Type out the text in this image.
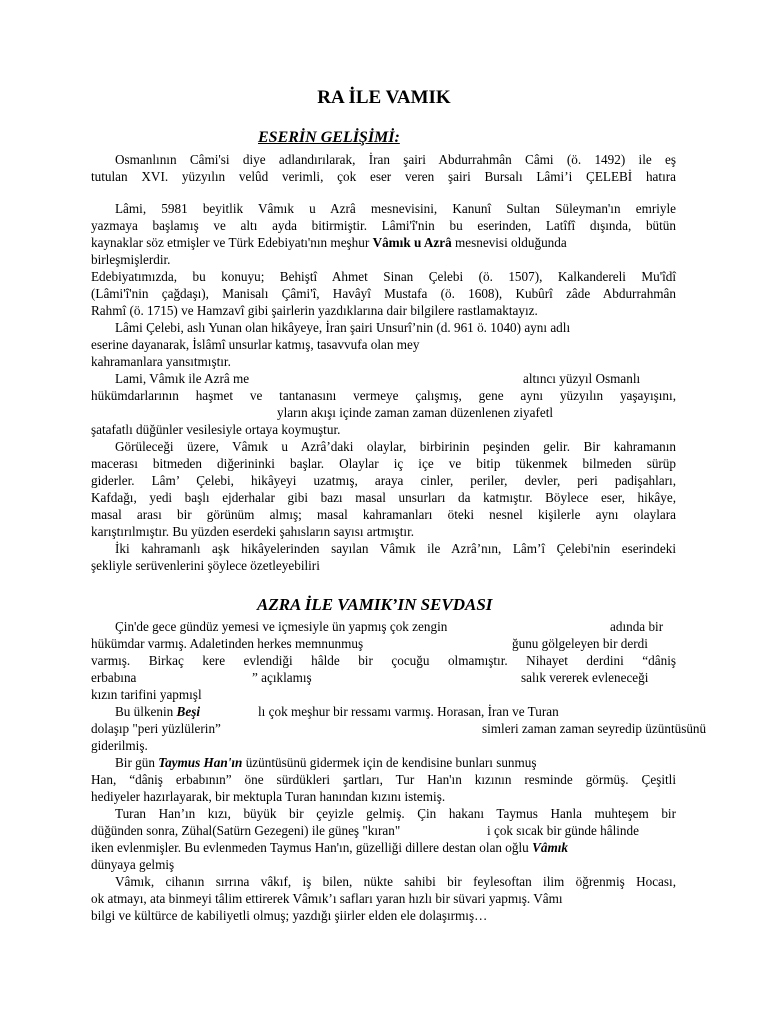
RA İLE VAMIK
ESERİN GELİŞİMİ:

Osmanlının Câmi'si diye adlandırılarak, İran şairi Abdurrahmân Câmi (ö. 1492) ile eş

tutulan XVI. yüzyılın velûd verimli, çok eser veren şairi Bursalı Lâmi’i ÇELEBİ hatıra

Lâmi, 5981 beyitlik Vâmık u Azrâ mesnevisini, Kanunî Sultan Süleyman'ın emriyle

yazmaya başlamış ve altı ayda bitirmiştir. Lâmi'î'nin bu eserinden, Latîfî dışında, bütün

kaynaklar söz etmişler ve Türk Edebiyatı'nın meşhur Vâmık u Azrâ mesnevisi olduğunda

birleşmişlerdir.

Edebiyatımızda, bu konuyu; Behiştî Ahmet Sinan Çelebi (ö. 1507), Kalkandereli Mu'îdî

(Lâmi'î'nin çağdaşı), Manisalı Çâmi'î, Havâyî Mustafa (ö. 1608), Kubûrî zâde Abdurrahmân

Rahmî (ö. 1715) ve Hamzavî gibi şairlerin yazdıklarına dair bilgilere rastlamaktayız.

Lâmi Çelebi, aslı Yunan olan hikâyeye, İran şairi Unsurî’nin (d. 961 ö. 1040) aynı adlı

eserine dayanarak, İslâmî unsurlar katmış, tasavvufa olan mey

kahramanlara yansıtmıştır.

Lami, Vâmık ile Azrâ me	altıncı yüzyıl Osmanlı

hükümdarlarının haşmet ve tantanasını vermeye çalışmış, gene aynı yüzyılın yaşayışını,

yların akışı içinde zaman zaman düzenlenen ziyafetl

şatafatlı düğünler vesilesiyle ortaya koymuştur.

Görüleceği üzere, Vâmık u Azrâ’daki olaylar, birbirinin peşinden gelir. Bir kahramanın

macerası bitmeden diğerininki başlar. Olaylar iç içe ve bitip tükenmek bilmeden sürüp

giderler. Lâm’ Çelebi, hikâyeyi uzatmış, araya cinler, periler, devler, peri padişahları,

Kafdağı, yedi başlı ejderhalar gibi bazı masal unsurları da katmıştır. Böylece eser, hikâye,

masal arası bir görünüm almış; masal kahramanları öteki nesnel kişilerle aynı olaylara

karıştırılmıştır. Bu yüzden eserdeki şahısların sayısı artmıştır.

İki kahramanlı aşk hikâyelerinden sayılan Vâmık ile Azrâ’nın, Lâm’î Çelebi'nin eserindeki

şekliyle serüvenlerini şöylece özetleyebiliri

AZRA İLE VAMIK’IN SEVDASI

Çin'de gece gündüz yemesi ve içmesiyle ün yapmış çok zengin	adında bir

hükümdar varmış. Adaletinden herkes memnunmuş	ğunu gölgeleyen bir derdi

varmış. Birkaç kere evlendiği hâlde bir çocuğu olmamıştır. Nihayet derdini “dâniş

erbabına	” açıklamış	salık vererek evleneceği

kızın tarifini yapmışl

Bu ülkenin Beşi	lı çok meşhur bir ressamı varmış. Horasan, İran ve Turan

dolaşıp "peri yüzlülerin”	simleri zaman zaman seyredip üzüntüsünü

giderilmiş.

Bir gün Taymus Han'ın üzüntüsünü gidermek için de kendisine bunları sunmuş

Han, “dâniş erbabının” öne sürdükleri şartları, Tur Han'ın kızının resminde görmüş. Çeşitli

hediyeler hazırlayarak, bir mektupla Turan hanından kızını istemiş.

Turan Han’ın kızı, büyük bir çeyizle gelmiş. Çin hakanı Taymus Hanla muhteşem bir

düğünden sonra, Zühal(Satürn Gezegeni) ile güneş "kıran"	i çok sıcak bir günde hâlinde

iken evlenmişler. Bu evlenmeden Taymus Han'ın, güzelliği dillere destan olan oğlu Vâmık

dünyaya gelmiş

Vâmık, cihanın sırrına vâkıf, iş bilen, nükte sahibi bir feylesoftan ilim öğrenmiş Hocası,

ok atmayı, ata binmeyi tâlim ettirerek Vâmık’ı safları yaran hızlı bir süvari yapmış. Vâmı

bilgi ve kültürce de kabiliyetli olmuş; yazdığı şiirler elden ele dolaşırmış…
